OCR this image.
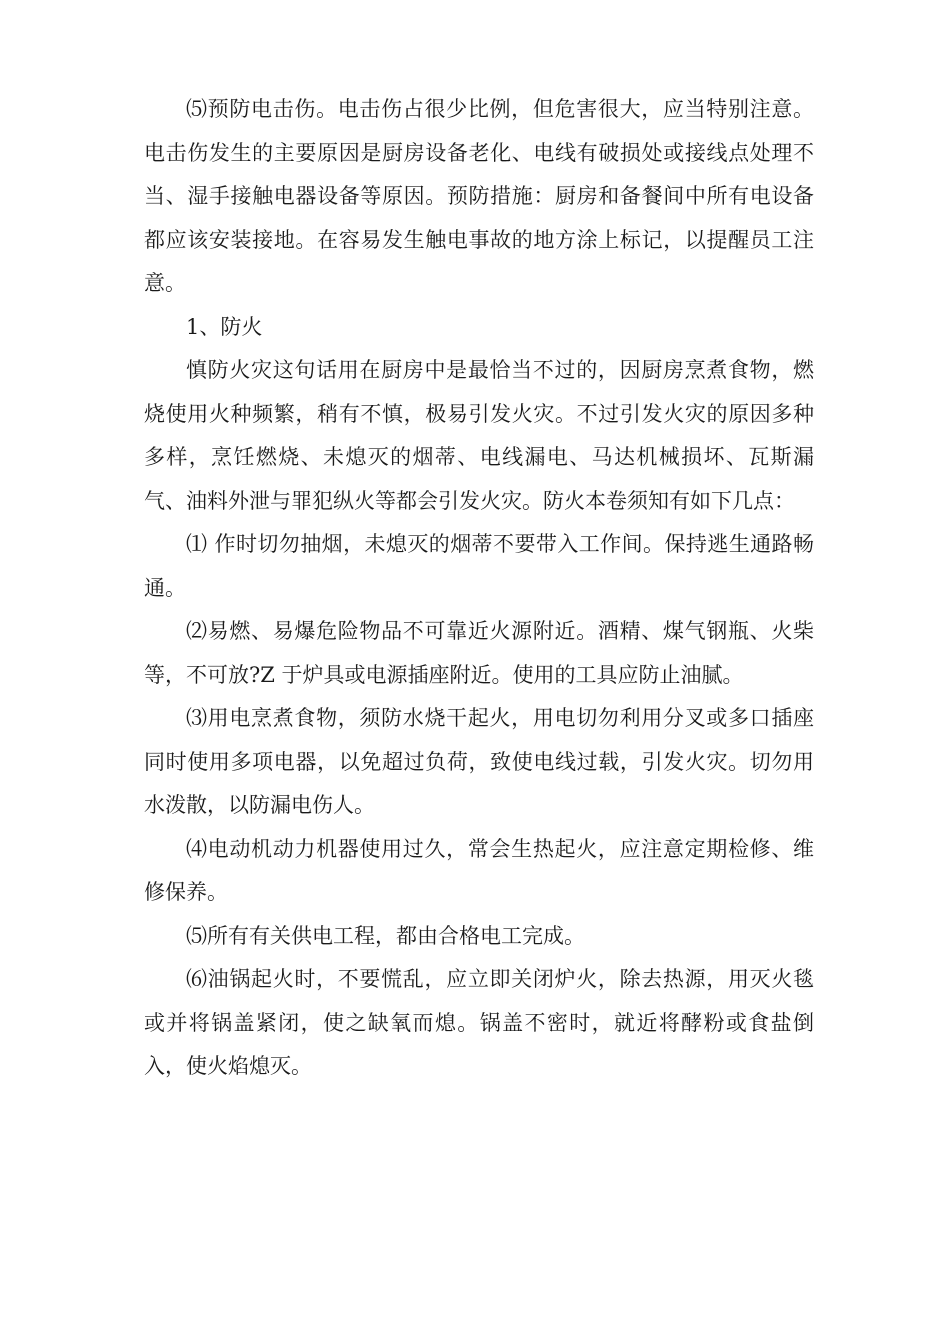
⑸预防电击伤。电击伤占很少比例，但危害很大，应当特别注意。电击伤发生的主要原因是厨房设备老化、电线有破损处或接线点处理不当、湿手接触电器设备等原因。预防措施：厨房和备餐间中所有电设备都应该安装接地。在容易发生触电事故的地方涂上标记，以提醒员工注意。

1、防火

慎防火灾这句话用在厨房中是最恰当不过的，因厨房烹煮食物，燃烧使用火种频繁，稍有不慎，极易引发火灾。不过引发火灾的原因多种多样，烹饪燃烧、未熄灭的烟蒂、电线漏电、马达机械损坏、瓦斯漏气、油料外泄与罪犯纵火等都会引发火灾。防火本卷须知有如下几点：

⑴ 作时切勿抽烟，未熄灭的烟蒂不要带入工作间。保持逃生通路畅通。

⑵易燃、易爆危险物品不可靠近火源附近。酒精、煤气钢瓶、火柴等，不可放?Z 于炉具或电源插座附近。使用的工具应防止油腻。

⑶用电烹煮食物，须防水烧干起火，用电切勿利用分叉或多口插座同时使用多项电器，以免超过负荷，致使电线过载，引发火灾。切勿用水泼散，以防漏电伤人。

⑷电动机动力机器使用过久，常会生热起火，应注意定期检修、维修保养。

⑸所有有关供电工程，都由合格电工完成。

⑹油锅起火时，不要慌乱，应立即关闭炉火，除去热源，用灭火毯或并将锅盖紧闭，使之缺氧而熄。锅盖不密时，就近将酵粉或食盐倒入，使火焰熄灭。
